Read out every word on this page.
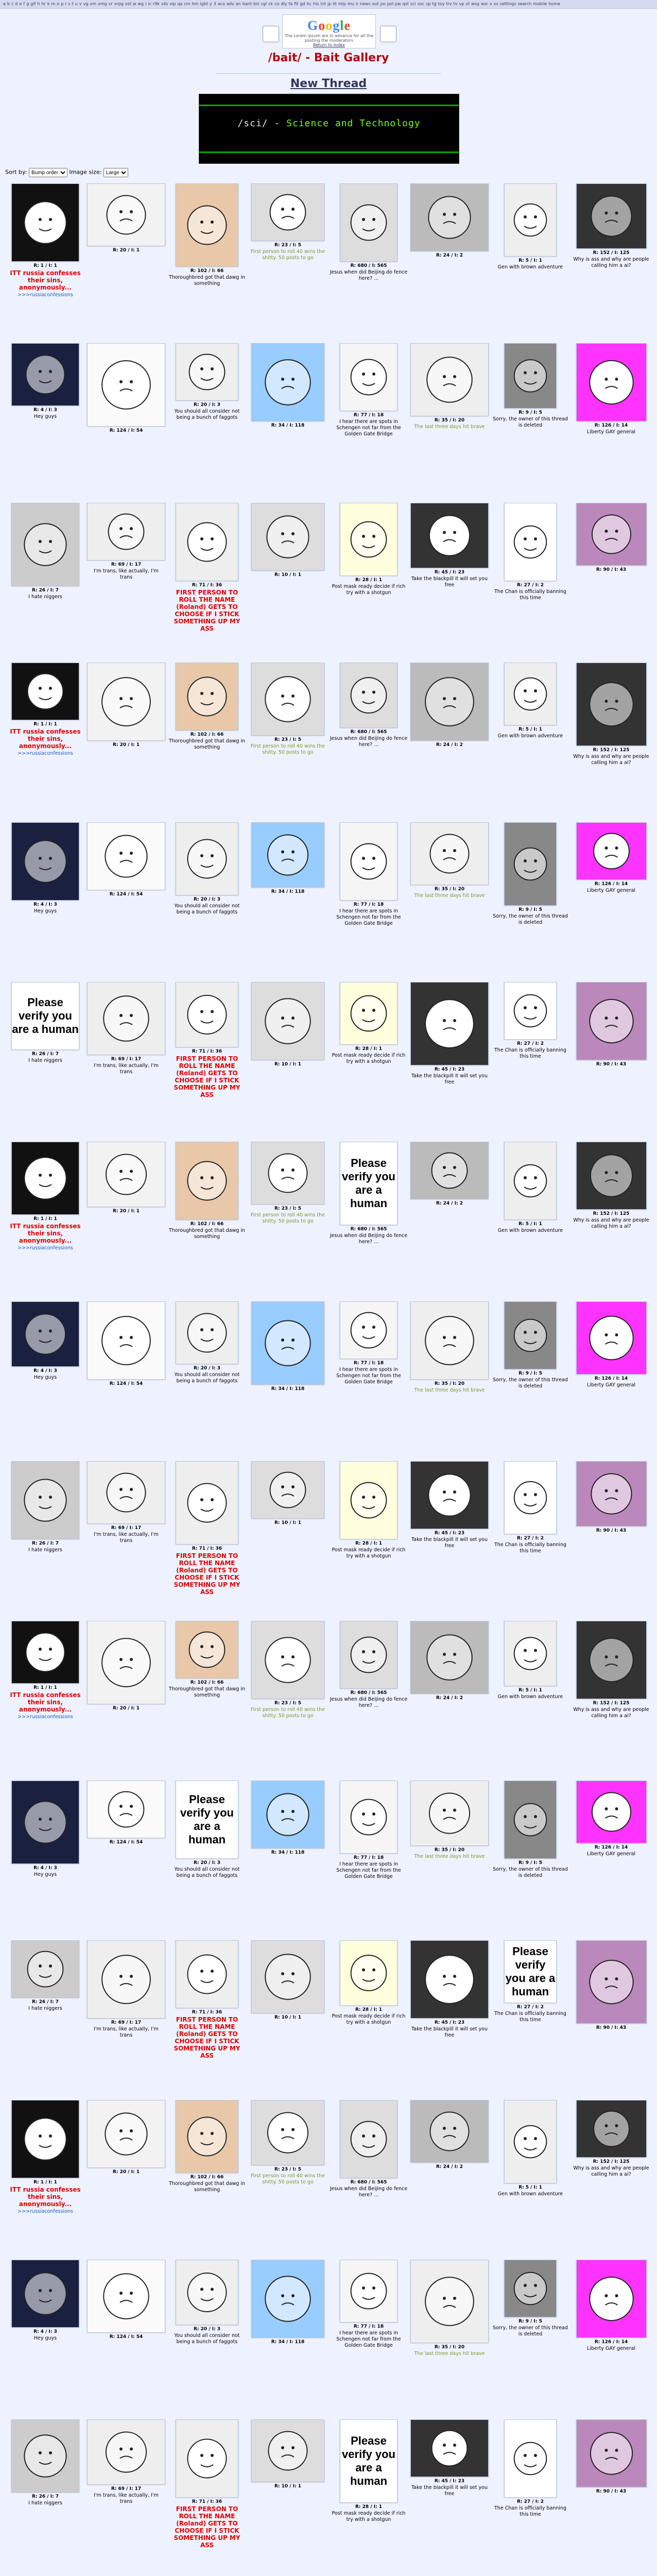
a b c d e f g gif h hr k m o p r s t u v vg vm vmg vr vrpg vst w wg i ic r9k s4s vip qa cm hm lgbt y 3 aco adv an bant biz cgl ck co diy fa fit gd hc his int jp lit mlp mu n news out po pol pw qst sci soc sp tg toy trv tv vp vt wsg wsr x xs settings search mobile home
Google
The Lorem ipsum are in advance for all the posting the moderators
Return to Index
/bait/ - Bait Gallery
New Thread
/sci/ - Science and Technology
Sort by:
Bump order	Image size:
Large
R: 1 / I: 1
ITT russia confesses their sins, anonymously...
>>>russiaconfessions
R: 20 / I: 1
R: 102 / I: 66
Thoroughbred got that dawg in something
R: 23 / I: 5
First person to roll 40 wins the shitty. 50 posts to go
R: 680 / I: 565
Jesus when did Beijing do fence here? ...
R: 24 / I: 2
R: 5 / I: 1
Gen with brown adventure
R: 152 / I: 125
Why is ass and why are people calling him a ai?
R: 4 / I: 3
Hey guys
R: 124 / I: 54
R: 20 / I: 3
You should all consider not being a bunch of faggots
R: 34 / I: 118
R: 77 / I: 18
I hear there are spots in Schengen not far from the Golden Gate Bridge
R: 35 / I: 20
The last three days hit brave
R: 9 / I: 5
Sorry, the owner of this thread is deleted	R: 126 / I: 14
Liberty GAY general
R: 26 / I: 7
I hate niggers
R: 69 / I: 17
I'm trans, like actually, I'm trans
R: 71 / I: 36
FIRST PERSON TO ROLL THE NAME (Roland) GETS TO CHOOSE IF I STICK SOMETHING UP MY ASS
R: 10 / I: 1
R: 28 / I: 1
Post mask ready decide if rich try with a shotgun
R: 45 / I: 23
Take the blackpill it will set you free	R: 27 / I: 2
The Chan is officially banning this time
R: 90 / I: 43
R: 1 / I: 1
ITT russia confesses their sins, anonymously...
>>>russiaconfessions
R: 20 / I: 1
R: 102 / I: 66
Thoroughbred got that dawg in something
R: 23 / I: 5
First person to roll 40 wins the shitty. 50 posts to go
R: 680 / I: 565
Jesus when did Beijing do fence here? ...	R: 24 / I: 2
R: 5 / I: 1
Gen with brown adventure
R: 152 / I: 125
Why is ass and why are people calling him a ai?
R: 4 / I: 3
Hey guys
R: 124 / I: 54
R: 20 / I: 3
You should all consider not being a bunch of faggots
R: 34 / I: 118
R: 77 / I: 18
I hear there are spots in Schengen not far from the Golden Gate Bridge
R: 35 / I: 20
The last three days hit brave
R: 9 / I: 5
Sorry, the owner of this thread is deleted
R: 126 / I: 14
Liberty GAY general
Please verify you are a human
R: 26 / I: 7
I hate niggers	R: 69 / I: 17
I'm trans, like actually, I'm trans
R: 71 / I: 36
FIRST PERSON TO ROLL THE NAME (Roland) GETS TO CHOOSE IF I STICK SOMETHING UP MY ASS
R: 10 / I: 1
R: 28 / I: 1
Post mask ready decide if rich try with a shotgun
R: 45 / I: 23
Take the blackpill it will set you free
R: 27 / I: 2
The Chan is officially banning this time
R: 90 / I: 43
R: 1 / I: 1
ITT russia confesses their sins, anonymously...
>>>russiaconfessions
R: 20 / I: 1
R: 102 / I: 66
Thoroughbred got that dawg in something
R: 23 / I: 5
First person to roll 40 wins the shitty. 50 posts to go
Please verify you are a human
R: 680 / I: 565
Jesus when did Beijing do fence here? ...
R: 24 / I: 2
R: 5 / I: 1
Gen with brown adventure
R: 152 / I: 125
Why is ass and why are people calling him a ai?
R: 4 / I: 3
Hey guys
R: 124 / I: 54
R: 20 / I: 3
You should all consider not being a bunch of faggots
R: 34 / I: 118
R: 77 / I: 18
I hear there are spots in Schengen not far from the Golden Gate Bridge	R: 35 / I: 20
The last three days hit brave
R: 9 / I: 5
Sorry, the owner of this thread is deleted
R: 126 / I: 14
Liberty GAY general
R: 26 / I: 7
I hate niggers
R: 69 / I: 17
I'm trans, like actually, I'm trans
R: 71 / I: 36
FIRST PERSON TO ROLL THE NAME (Roland) GETS TO CHOOSE IF I STICK SOMETHING UP MY ASS
R: 10 / I: 1
R: 28 / I: 1
Post mask ready decide if rich try with a shotgun
R: 45 / I: 23
Take the blackpill it will set you free
R: 27 / I: 2
The Chan is officially banning this time
R: 90 / I: 43
R: 1 / I: 1
ITT russia confesses their sins, anonymously...
>>>russiaconfessions
R: 20 / I: 1
R: 102 / I: 66
Thoroughbred got that dawg in something
R: 23 / I: 5
First person to roll 40 wins the shitty. 50 posts to go
R: 680 / I: 565
Jesus when did Beijing do fence here? ...
R: 24 / I: 2
R: 5 / I: 1
Gen with brown adventure
R: 152 / I: 125
Why is ass and why are people calling him a ai?
R: 4 / I: 3
Hey guys
R: 124 / I: 54
Please verify you are a human
R: 20 / I: 3
You should all consider not being a bunch of faggots
R: 34 / I: 118
R: 77 / I: 18
I hear there are spots in Schengen not far from the Golden Gate Bridge
R: 35 / I: 20
The last three days hit brave
R: 9 / I: 5
Sorry, the owner of this thread is deleted
R: 126 / I: 14
Liberty GAY general
R: 26 / I: 7
I hate niggers
R: 69 / I: 17
I'm trans, like actually, I'm trans
R: 71 / I: 36
FIRST PERSON TO ROLL THE NAME (Roland) GETS TO CHOOSE IF I STICK SOMETHING UP MY ASS
R: 10 / I: 1
R: 28 / I: 1
Post mask ready decide if rich try with a shotgun	R: 45 / I: 23
Take the blackpill it will set you free
Please verify you are a human
R: 27 / I: 2
The Chan is officially banning this time
R: 90 / I: 43
R: 1 / I: 1
ITT russia confesses their sins, anonymously...
>>>russiaconfessions
R: 20 / I: 1
R: 102 / I: 66
Thoroughbred got that dawg in something
R: 23 / I: 5
First person to roll 40 wins the shitty. 50 posts to go	R: 680 / I: 565
Jesus when did Beijing do fence here? ...
R: 24 / I: 2
R: 5 / I: 1
Gen with brown adventure
R: 152 / I: 125
Why is ass and why are people calling him a ai?
R: 4 / I: 3
Hey guys	R: 124 / I: 54
R: 20 / I: 3
You should all consider not being a bunch of faggots	R: 34 / I: 118
R: 77 / I: 18
I hear there are spots in Schengen not far from the Golden Gate Bridge	R: 35 / I: 20
The last three days hit brave
R: 9 / I: 5
Sorry, the owner of this thread is deleted
R: 126 / I: 14
Liberty GAY general
R: 26 / I: 7
I hate niggers
R: 69 / I: 17
I'm trans, like actually, I'm trans	R: 71 / I: 36
FIRST PERSON TO ROLL THE NAME (Roland) GETS TO CHOOSE IF I STICK SOMETHING UP MY ASS
R: 10 / I: 1
Please verify you are a human
R: 28 / I: 1
Post mask ready decide if rich try with a shotgun
R: 45 / I: 23
Take the blackpill it will set you free
R: 27 / I: 2
The Chan is officially banning this time
R: 90 / I: 43
